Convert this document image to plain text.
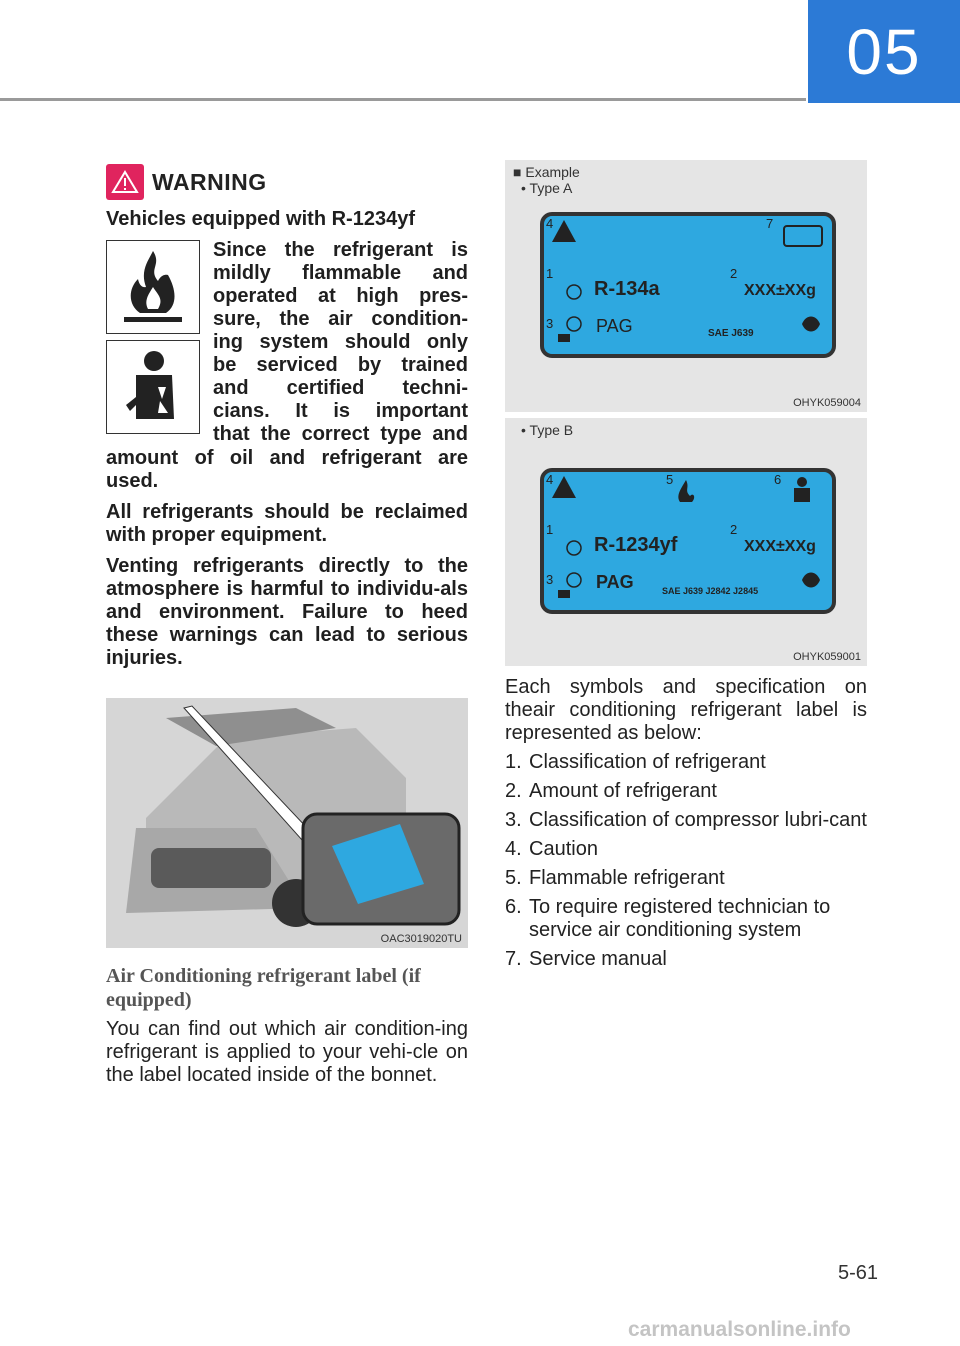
05
WARNING
Vehicles equipped with R-1234yf

Since the refrigerant is

mildly flammable and

operated at high pres-

sure, the air condition-

ing system should only

be serviced by trained

and certified techni-

cians. It is important

that the correct type and

amount of oil and refrigerant are used.

All refrigerants should be reclaimed with proper equipment.

Venting refrigerants directly to the atmosphere is harmful to individu-als and environment. Failure to heed these warnings can lead to serious injuries.

OAC3019020TU
Air Conditioning refrigerant label (if equipped)
You can find out which air condition-ing refrigerant is applied to your vehi-cle on the label located inside of the bonnet.
■ Example
• Type A
4	7
1	2
3
R-134a	XXX±XXg
PAG	SAE J639
OHYK059004
• Type B
4	5	6
1	2
3
R-1234yf	XXX±XXg
PAG	SAE J639 J2842 J2845
OHYK059001

Each symbols and specification on theair conditioning refrigerant label is represented as below:

1. Classification of refrigerant
2. Amount of refrigerant
3. Classification of compressor lubri-cant
4. Caution
5. Flammable refrigerant
6. To require registered technician to service air conditioning system
7. Service manual
5-61
carmanualsonline.info
